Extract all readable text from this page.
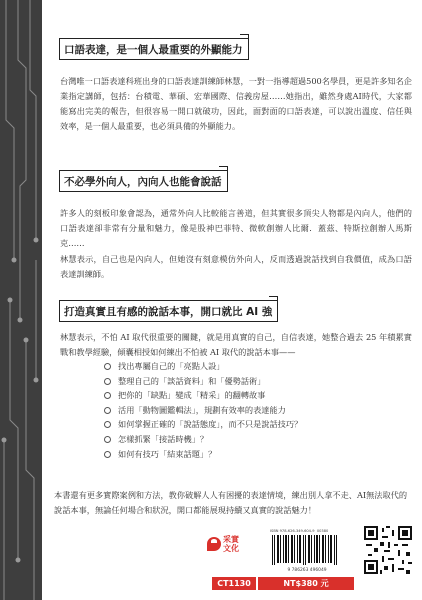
口語表達，是一個人最重要的外顯能力

台灣唯一口語表達科班出身的口語表達訓練師林慧，一對一指導超過500名學員，更是許多知名企業指定講師，包括：台積電、華碩、宏華國際、信義房屋……她指出，雖然身處AI時代，大家都能寫出完美的報告，但很容易一開口就破功，因此，面對面的口語表達，可以說出溫度、信任與效率，是一個人最重要，也必須具備的外顯能力。

不必學外向人，內向人也能會說話

許多人的刻板印象會認為，通常外向人比較能言善道，但其實很多頂尖人物都是內向人，他們的口語表達卻非常有分量和魅力，像是股神巴菲特、微軟創辦人比爾．蓋茲、特斯拉創辦人馬斯克……

林慧表示，自己也是內向人，但她沒有刻意模仿外向人，反而透過說話找到自我價值，成為口語表達訓練師。

打造真實且有感的說話本事，開口就比 AI 強

林慧表示，不怕 AI 取代很重要的關鍵，就是用真實的自己，自信表達，她整合過去 25 年積累實戰和教學經驗，傾囊相授如何練出不怕被 AI 取代的說話本事——

找出專屬自己的「亮點人設」
整理自己的「談話資料」和「優勢話術」
把你的「缺點」變成「精采」的翻轉故事
活用「動物圖鑑輯法」，規劃有效率的表達能力
如何掌握正確的「說話態度」，而不只是說話技巧？
怎樣抓緊「接話時機」？
如何有技巧「結束話題」？

本書還有更多實際案例和方法，教你破解人人有困擾的表達情境，練出別人拿不走、AI無法取代的說話本事，無論任何場合和狀況，開口都能展現持續又真實的說話魅力！

采實文化
ISBN 978-626-349-604-9 00380
9 786263 496049
CT1130	NT$380 元
